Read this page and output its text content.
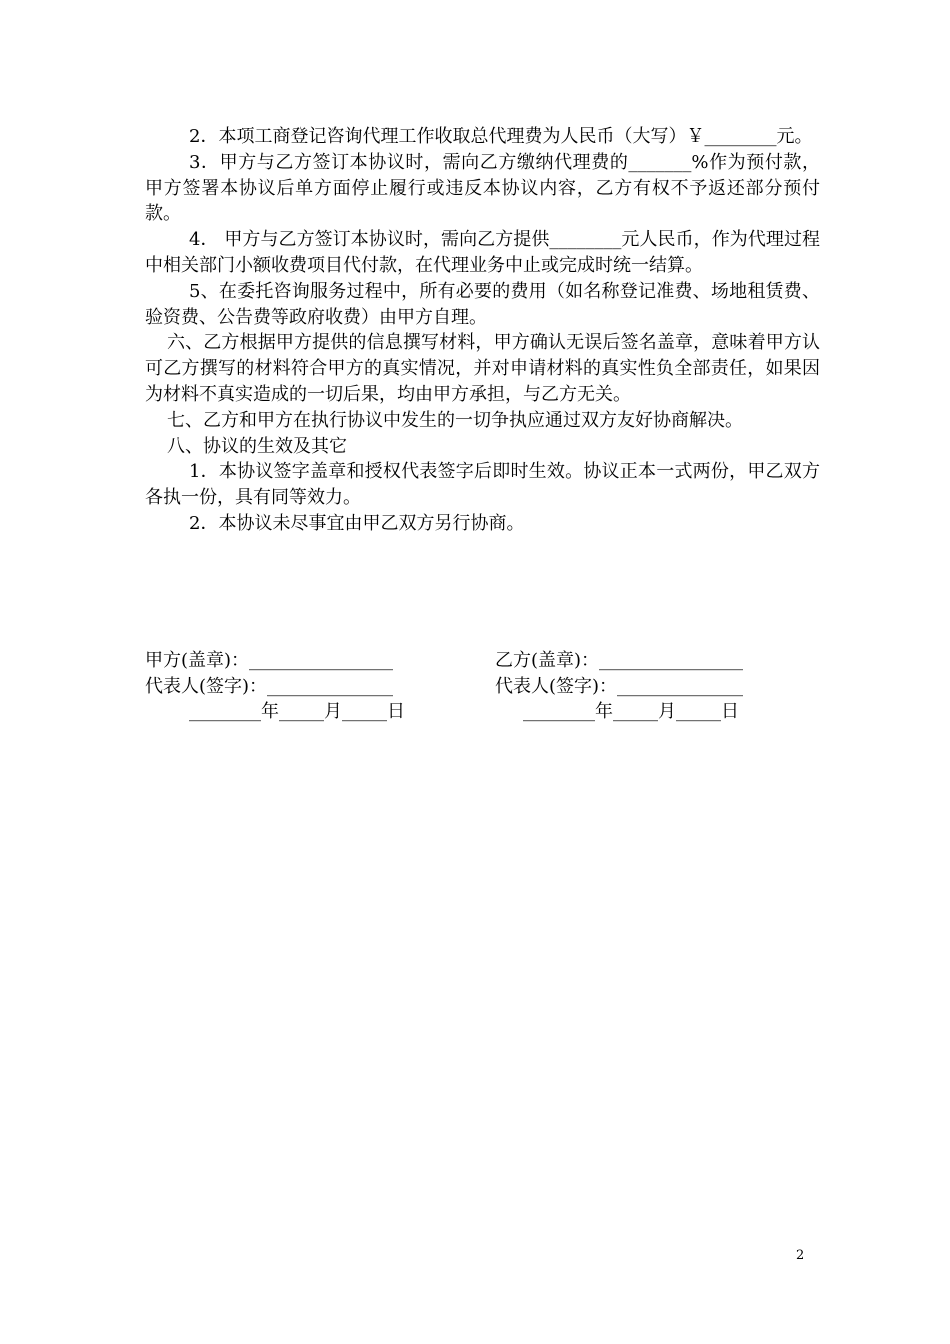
2．本项工商登记咨询代理工作收取总代理费为人民币（大写）￥________元。

3．甲方与乙方签订本协议时，需向乙方缴纳代理费的_______%作为预付款，甲方签署本协议后单方面停止履行或违反本协议内容，乙方有权不予返还部分预付款。

4． 甲方与乙方签订本协议时，需向乙方提供________元人民币，作为代理过程中相关部门小额收费项目代付款，在代理业务中止或完成时统一结算。

5、在委托咨询服务过程中，所有必要的费用（如名称登记准费、场地租赁费、验资费、公告费等政府收费）由甲方自理。

六、乙方根据甲方提供的信息撰写材料，甲方确认无误后签名盖章，意味着甲方认可乙方撰写的材料符合甲方的真实情况，并对申请材料的真实性负全部责任，如果因为材料不真实造成的一切后果，均由甲方承担，与乙方无关。

七、乙方和甲方在执行协议中发生的一切争执应通过双方友好协商解决。

八、协议的生效及其它

1．本协议签字盖章和授权代表签字后即时生效。协议正本一式两份，甲乙双方各执一份，具有同等效力。

2．本协议未尽事宜由甲乙双方另行协商。

甲方(盖章)：________________	乙方(盖章)：________________
代表人(签字)：______________	代表人(签字)：______________
________年_____月_____日	________年_____月_____日
2
